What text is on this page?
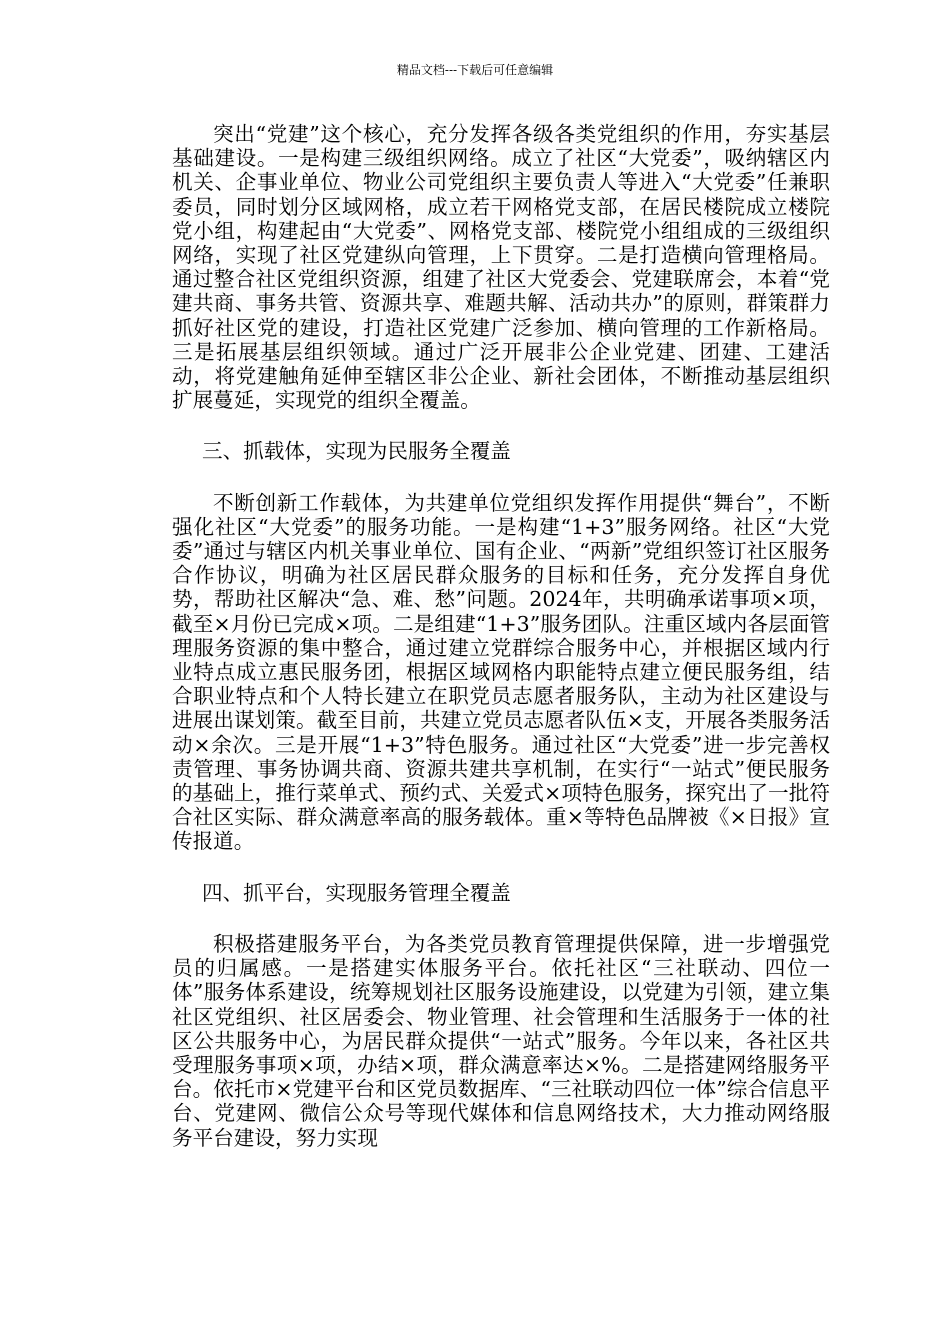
精品文档---下载后可任意编辑

突出“党建”这个核心，充分发挥各级各类党组织的作用，夯实基层基础建设。一是构建三级组织网络。成立了社区“大党委”，吸纳辖区内机关、企事业单位、物业公司党组织主要负责人等进入“大党委”任兼职委员，同时划分区域网格，成立若干网格党支部，在居民楼院成立楼院党小组，构建起由“大党委”、网格党支部、楼院党小组组成的三级组织网络，实现了社区党建纵向管理，上下贯穿。二是打造横向管理格局。通过整合社区党组织资源，组建了社区大党委会、党建联席会，本着“党建共商、事务共管、资源共享、难题共解、活动共办”的原则，群策群力抓好社区党的建设，打造社区党建广泛参加、横向管理的工作新格局。三是拓展基层组织领域。通过广泛开展非公企业党建、团建、工建活动，将党建触角延伸至辖区非公企业、新社会团体，不断推动基层组织扩展蔓延，实现党的组织全覆盖。

三、抓载体，实现为民服务全覆盖

不断创新工作载体，为共建单位党组织发挥作用提供“舞台”，不断强化社区“大党委”的服务功能。一是构建“1+3”服务网络。社区“大党委”通过与辖区内机关事业单位、国有企业、“两新”党组织签订社区服务合作协议，明确为社区居民群众服务的目标和任务，充分发挥自身优势，帮助社区解决“急、难、愁”问题。2024年，共明确承诺事项×项，截至×月份已完成×项。二是组建“1+3”服务团队。注重区域内各层面管理服务资源的集中整合，通过建立党群综合服务中心，并根据区域内行业特点成立惠民服务团，根据区域网格内职能特点建立便民服务组，结合职业特点和个人特长建立在职党员志愿者服务队，主动为社区建设与进展出谋划策。截至目前，共建立党员志愿者队伍×支，开展各类服务活动×余次。三是开展“1+3”特色服务。通过社区“大党委”进一步完善权责管理、事务协调共商、资源共建共享机制，在实行“一站式”便民服务的基础上，推行菜单式、预约式、关爱式×项特色服务，探究出了一批符合社区实际、群众满意率高的服务载体。重×等特色品牌被《×日报》宣传报道。

四、抓平台，实现服务管理全覆盖

积极搭建服务平台，为各类党员教育管理提供保障，进一步增强党员的归属感。一是搭建实体服务平台。依托社区“三社联动、四位一体”服务体系建设，统筹规划社区服务设施建设，以党建为引领，建立集社区党组织、社区居委会、物业管理、社会管理和生活服务于一体的社区公共服务中心，为居民群众提供“一站式”服务。今年以来，各社区共受理服务事项×项，办结×项，群众满意率达×%。二是搭建网络服务平台。依托市×党建平台和区党员数据库、“三社联动四位一体”综合信息平台、党建网、微信公众号等现代媒体和信息网络技术，大力推动网络服务平台建设，努力实现
